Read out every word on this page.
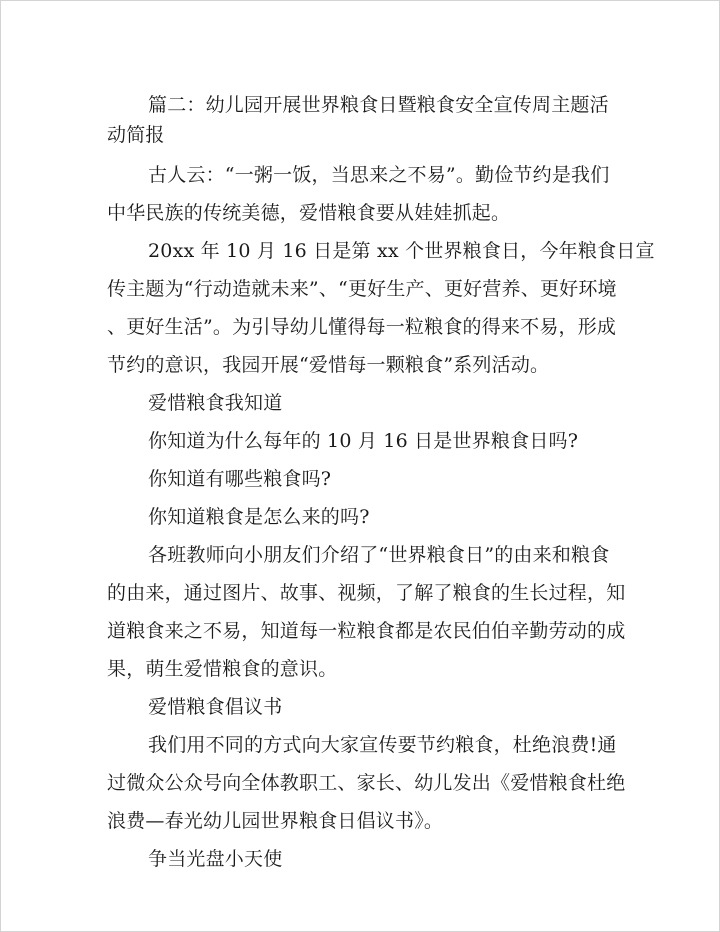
篇二：幼儿园开展世界粮食日暨粮食安全宣传周主题活
动简报
古人云：“一粥一饭，当思来之不易”。勤俭节约是我们
中华民族的传统美德，爱惜粮食要从娃娃抓起。
20xx 年 10 月 16 日是第 xx 个世界粮食日，今年粮食日宣
传主题为“行动造就未来”、“更好生产、更好营养、更好环境
、更好生活”。为引导幼儿懂得每一粒粮食的得来不易，形成
节约的意识，我园开展“爱惜每一颗粮食”系列活动。
爱惜粮食我知道
你知道为什么每年的 10 月 16 日是世界粮食日吗?
你知道有哪些粮食吗?
你知道粮食是怎么来的吗?
各班教师向小朋友们介绍了“世界粮食日”的由来和粮食
的由来，通过图片、故事、视频，了解了粮食的生长过程，知
道粮食来之不易，知道每一粒粮食都是农民伯伯辛勤劳动的成
果，萌生爱惜粮食的意识。
爱惜粮食倡议书
我们用不同的方式向大家宣传要节约粮食，杜绝浪费!通
过微众公众号向全体教职工、家长、幼儿发出《爱惜粮食杜绝
浪费—春光幼儿园世界粮食日倡议书》。
争当光盘小天使
